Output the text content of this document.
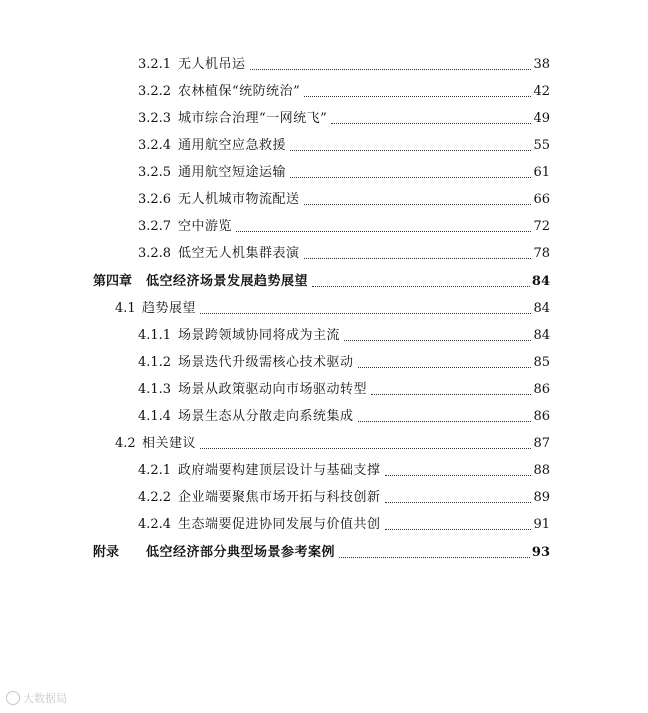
3.2.1 无人机吊运	38
3.2.2 农林植保“统防统治”	42
3.2.3 城市综合治理“一网统飞”	49
3.2.4 通用航空应急救援	55
3.2.5 通用航空短途运输	61
3.2.6 无人机城市物流配送	66
3.2.7 空中游览	72
3.2.8 低空无人机集群表演	78
第四章	低空经济场景发展趋势展望	84
4.1 趋势展望	84
4.1.1 场景跨领域协同将成为主流	84
4.1.2 场景迭代升级需核心技术驱动	85
4.1.3 场景从政策驱动向市场驱动转型	86
4.1.4 场景生态从分散走向系统集成	86
4.2 相关建议	87
4.2.1 政府端要构建顶层设计与基础支撑	88
4.2.2 企业端要聚焦市场开拓与科技创新	89
4.2.4 生态端要促进协同发展与价值共创	91
附录	低空经济部分典型场景参考案例	93
大数据局
